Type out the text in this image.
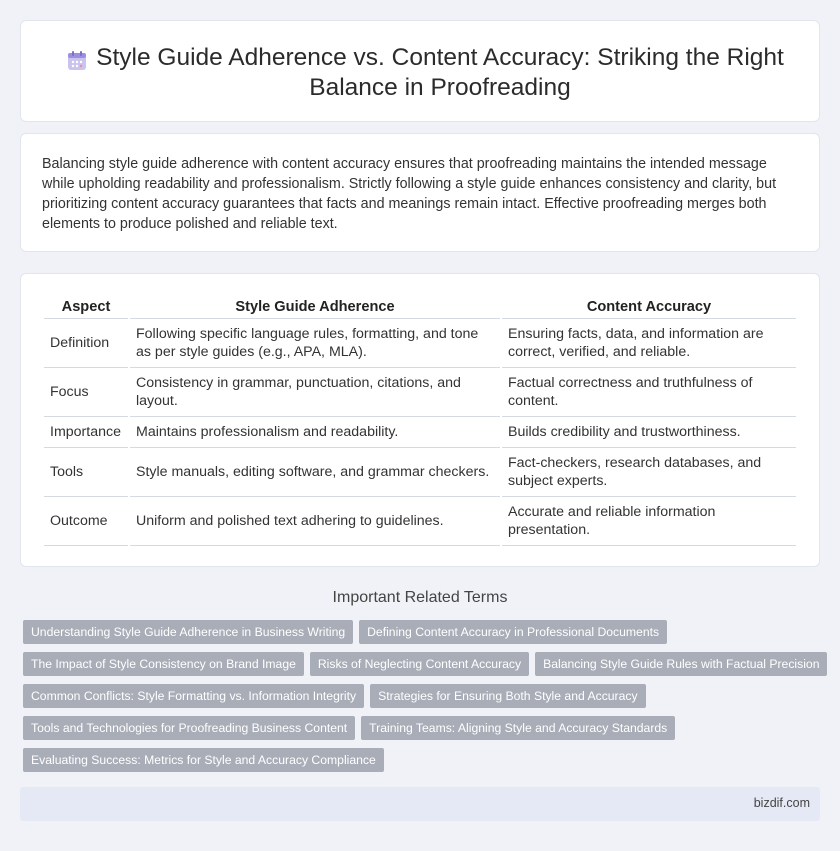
Style Guide Adherence vs. Content Accuracy: Striking the Right Balance in Proofreading

Balancing style guide adherence with content accuracy ensures that proofreading maintains the intended message while upholding readability and professionalism. Strictly following a style guide enhances consistency and clarity, but prioritizing content accuracy guarantees that facts and meanings remain intact. Effective proofreading merges both elements to produce polished and reliable text.

Aspect	Style Guide Adherence	Content Accuracy
Definition	Following specific language rules, formatting, and tone as per style guides (e.g., APA, MLA).	Ensuring facts, data, and information are correct, verified, and reliable.
Focus	Consistency in grammar, punctuation, citations, and layout.	Factual correctness and truthfulness of content.
Importance	Maintains professionalism and readability.	Builds credibility and trustworthiness.
Tools	Style manuals, editing software, and grammar checkers.	Fact-checkers, research databases, and subject experts.
Outcome	Uniform and polished text adhering to guidelines.	Accurate and reliable information presentation.
Important Related Terms
Understanding Style Guide Adherence in Business Writing	Defining Content Accuracy in Professional Documents
The Impact of Style Consistency on Brand Image	Risks of Neglecting Content Accuracy	Balancing Style Guide Rules with Factual Precision
Common Conflicts: Style Formatting vs. Information Integrity	Strategies for Ensuring Both Style and Accuracy
Tools and Technologies for Proofreading Business Content	Training Teams: Aligning Style and Accuracy Standards
Evaluating Success: Metrics for Style and Accuracy Compliance
bizdif.com
